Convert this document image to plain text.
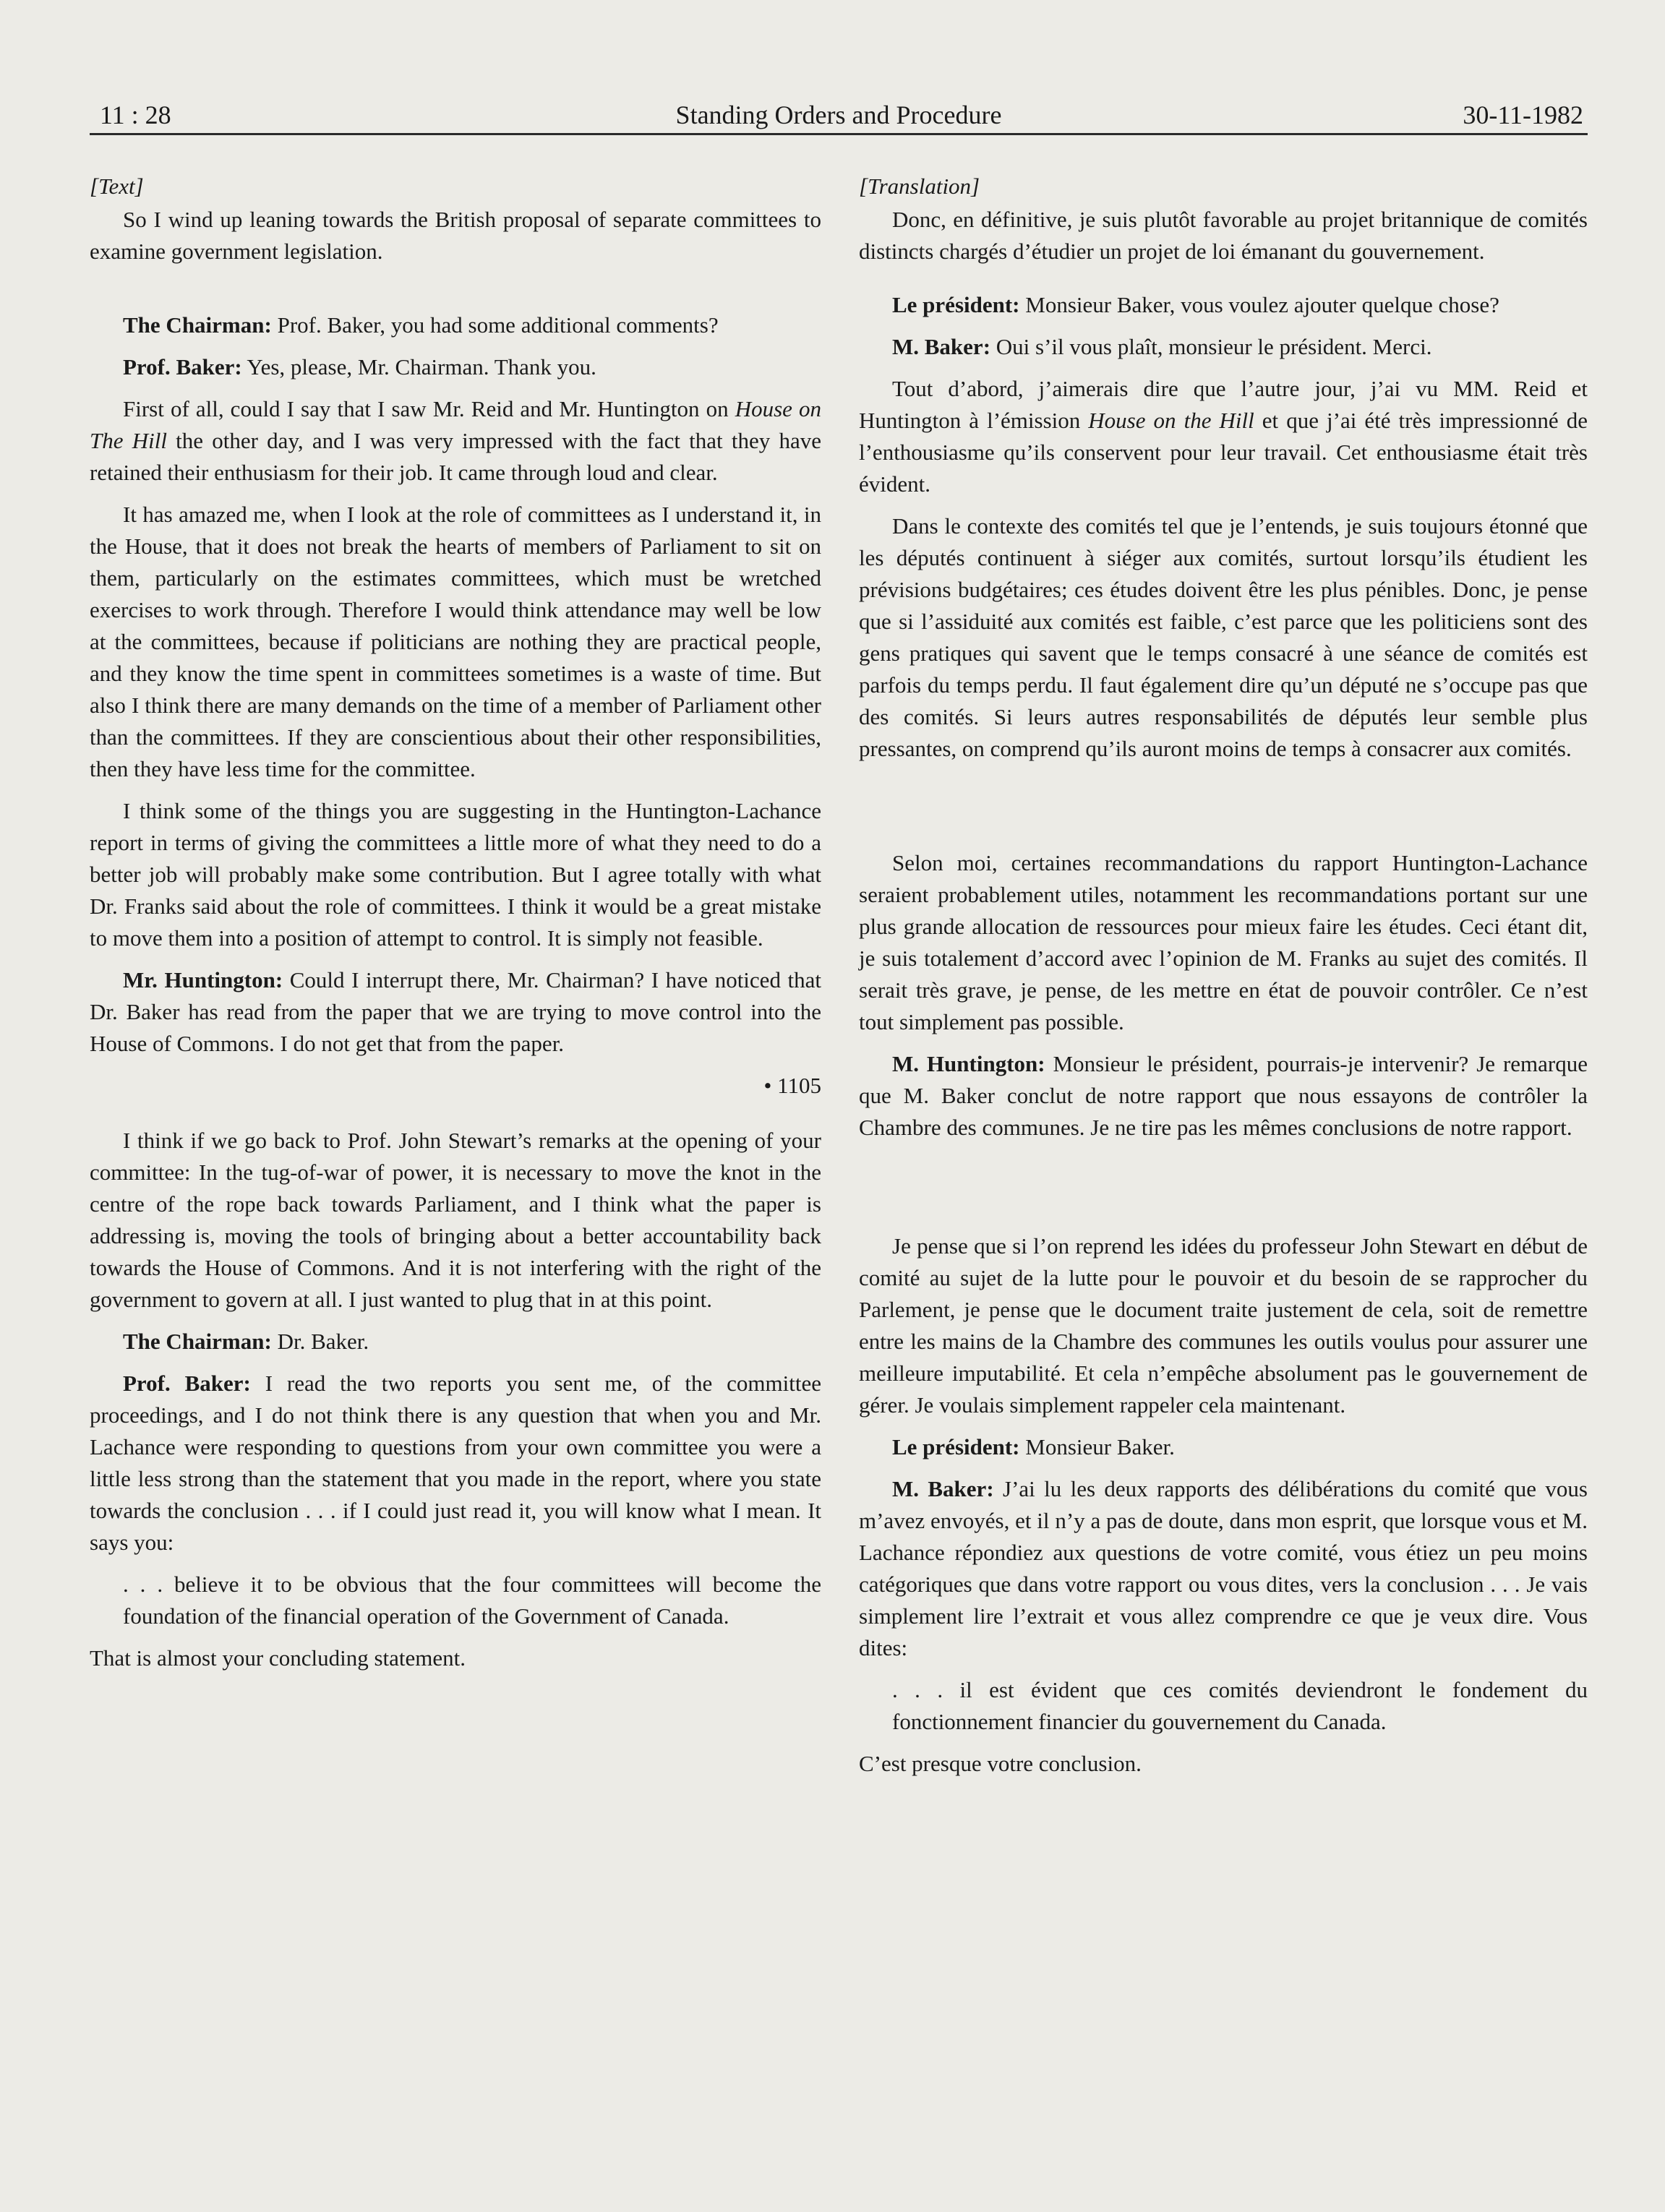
11 : 28	Standing Orders and Procedure	30-11-1982

[Text]

So I wind up leaning towards the British proposal of separate committees to examine government legislation.

The Chairman: Prof. Baker, you had some additional comments?

Prof. Baker: Yes, please, Mr. Chairman. Thank you.

First of all, could I say that I saw Mr. Reid and Mr. Huntington on House on The Hill the other day, and I was very impressed with the fact that they have retained their enthusiasm for their job. It came through loud and clear.

It has amazed me, when I look at the role of committees as I understand it, in the House, that it does not break the hearts of members of Parliament to sit on them, particularly on the estimates committees, which must be wretched exercises to work through. Therefore I would think attendance may well be low at the committees, because if politicians are nothing they are practical people, and they know the time spent in committees sometimes is a waste of time. But also I think there are many demands on the time of a member of Parliament other than the committees. If they are conscientious about their other responsibilities, then they have less time for the committee.

I think some of the things you are suggesting in the Huntington-Lachance report in terms of giving the committees a little more of what they need to do a better job will probably make some contribution. But I agree totally with what Dr. Franks said about the role of committees. I think it would be a great mistake to move them into a position of attempt to control. It is simply not feasible.

Mr. Huntington: Could I interrupt there, Mr. Chairman? I have noticed that Dr. Baker has read from the paper that we are trying to move control into the House of Commons. I do not get that from the paper.

• 1105

I think if we go back to Prof. John Stewart’s remarks at the opening of your committee: In the tug-of-war of power, it is necessary to move the knot in the centre of the rope back towards Parliament, and I think what the paper is addressing is, moving the tools of bringing about a better accountability back towards the House of Commons. And it is not interfering with the right of the government to govern at all. I just wanted to plug that in at this point.

The Chairman: Dr. Baker.

Prof. Baker: I read the two reports you sent me, of the committee proceedings, and I do not think there is any question that when you and Mr. Lachance were responding to questions from your own committee you were a little less strong than the statement that you made in the report, where you state towards the conclusion . . . if I could just read it, you will know what I mean. It says you:

. . . believe it to be obvious that the four committees will become the foundation of the financial operation of the Government of Canada.

That is almost your concluding statement.

[Translation]

Donc, en définitive, je suis plutôt favorable au projet britannique de comités distincts chargés d’étudier un projet de loi émanant du gouvernement.

Le président: Monsieur Baker, vous voulez ajouter quelque chose?

M. Baker: Oui s’il vous plaît, monsieur le président. Merci.

Tout d’abord, j’aimerais dire que l’autre jour, j’ai vu MM. Reid et Huntington à l’émission House on the Hill et que j’ai été très impressionné de l’enthousiasme qu’ils conservent pour leur travail. Cet enthousiasme était très évident.

Dans le contexte des comités tel que je l’entends, je suis toujours étonné que les députés continuent à siéger aux comités, surtout lorsqu’ils étudient les prévisions budgétaires; ces études doivent être les plus pénibles. Donc, je pense que si l’assiduité aux comités est faible, c’est parce que les politiciens sont des gens pratiques qui savent que le temps consacré à une séance de comités est parfois du temps perdu. Il faut également dire qu’un député ne s’occupe pas que des comités. Si leurs autres responsabilités de députés leur semble plus pressantes, on comprend qu’ils auront moins de temps à consacrer aux comités.

Selon moi, certaines recommandations du rapport Huntington-Lachance seraient probablement utiles, notamment les recommandations portant sur une plus grande allocation de ressources pour mieux faire les études. Ceci étant dit, je suis totalement d’accord avec l’opinion de M. Franks au sujet des comités. Il serait très grave, je pense, de les mettre en état de pouvoir contrôler. Ce n’est tout simplement pas possible.

M. Huntington: Monsieur le président, pourrais-je intervenir? Je remarque que M. Baker conclut de notre rapport que nous essayons de contrôler la Chambre des communes. Je ne tire pas les mêmes conclusions de notre rapport.

Je pense que si l’on reprend les idées du professeur John Stewart en début de comité au sujet de la lutte pour le pouvoir et du besoin de se rapprocher du Parlement, je pense que le document traite justement de cela, soit de remettre entre les mains de la Chambre des communes les outils voulus pour assurer une meilleure imputabilité. Et cela n’empêche absolument pas le gouvernement de gérer. Je voulais simplement rappeler cela maintenant.

Le président: Monsieur Baker.

M. Baker: J’ai lu les deux rapports des délibérations du comité que vous m’avez envoyés, et il n’y a pas de doute, dans mon esprit, que lorsque vous et M. Lachance répondiez aux questions de votre comité, vous étiez un peu moins catégoriques que dans votre rapport ou vous dites, vers la conclusion . . . Je vais simplement lire l’extrait et vous allez comprendre ce que je veux dire. Vous dites:

. . . il est évident que ces comités deviendront le fondement du fonctionnement financier du gouvernement du Canada.

C’est presque votre conclusion.
